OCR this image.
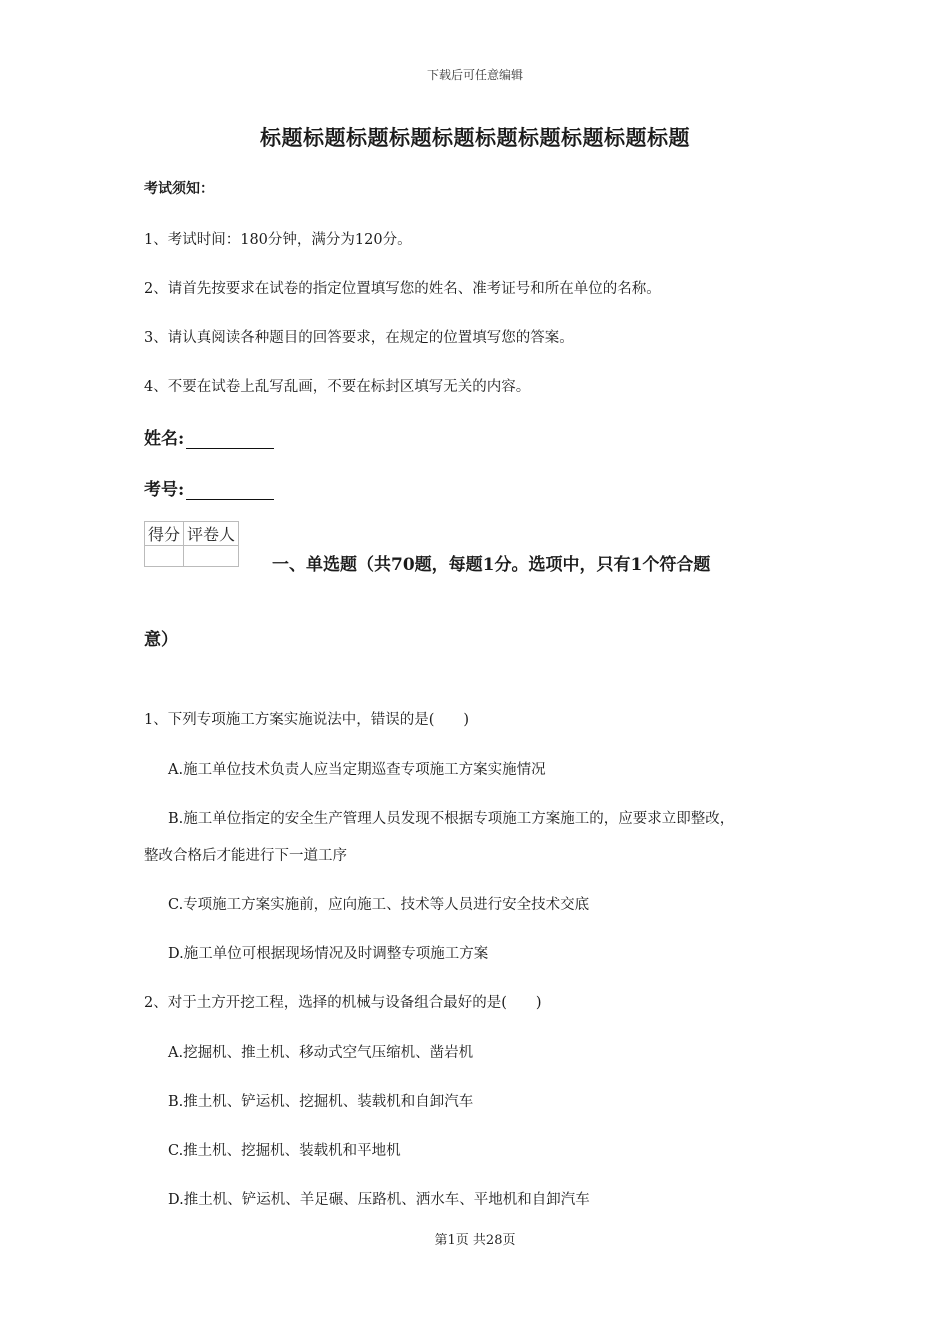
下载后可任意编辑
标题标题标题标题标题标题标题标题标题标题
考试须知：
1、考试时间：180分钟，满分为120分。
2、请首先按要求在试卷的指定位置填写您的姓名、准考证号和所在单位的名称。
3、请认真阅读各种题目的回答要求，在规定的位置填写您的答案。
4、不要在试卷上乱写乱画，不要在标封区填写无关的内容。
姓名:
考号:
得分	评卷人

一、单选题（共70题，每题1分。选项中，只有1个符合题
意）
1、下列专项施工方案实施说法中，错误的是(　　)
A.施工单位技术负责人应当定期巡查专项施工方案实施情况
B.施工单位指定的安全生产管理人员发现不根据专项施工方案施工的，应要求立即整改，
整改合格后才能进行下一道工序
C.专项施工方案实施前，应向施工、技术等人员进行安全技术交底
D.施工单位可根据现场情况及时调整专项施工方案
2、对于土方开挖工程，选择的机械与设备组合最好的是(　　)
A.挖掘机、推土机、移动式空气压缩机、凿岩机
B.推土机、铲运机、挖掘机、装载机和自卸汽车
C.推土机、挖掘机、装载机和平地机
D.推土机、铲运机、羊足碾、压路机、洒水车、平地机和自卸汽车
第1页 共28页
